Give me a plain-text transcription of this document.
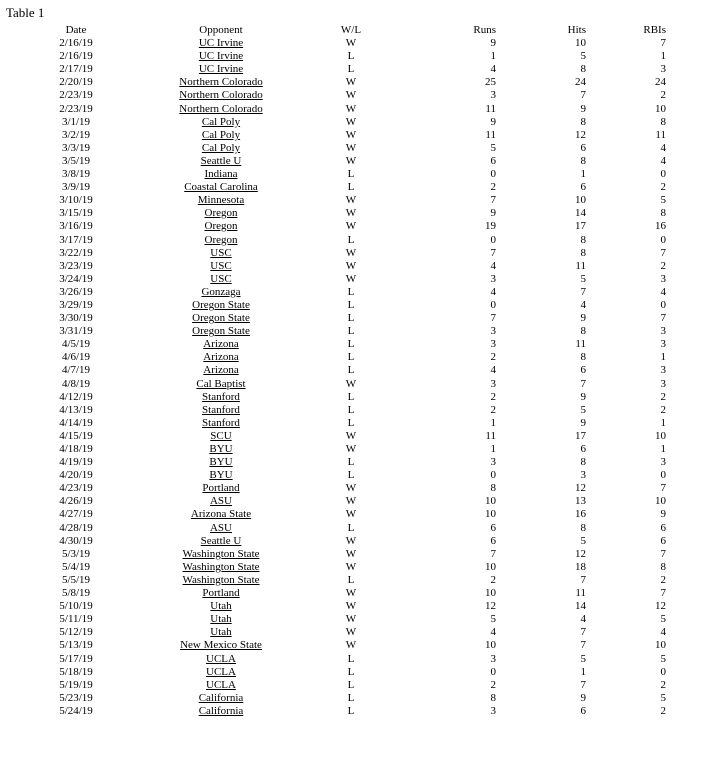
Table 1
Date	Opponent	W/L	Runs	Hits	RBIs
2/16/19	UC Irvine	W	9	10	7
2/16/19	UC Irvine	L	1	5	1
2/17/19	UC Irvine	L	4	8	3
2/20/19	Northern Colorado	W	25	24	24
2/23/19	Northern Colorado	W	3	7	2
2/23/19	Northern Colorado	W	11	9	10
3/1/19	Cal Poly	W	9	8	8
3/2/19	Cal Poly	W	11	12	11
3/3/19	Cal Poly	W	5	6	4
3/5/19	Seattle U	W	6	8	4
3/8/19	Indiana	L	0	1	0
3/9/19	Coastal Carolina	L	2	6	2
3/10/19	Minnesota	W	7	10	5
3/15/19	Oregon	W	9	14	8
3/16/19	Oregon	W	19	17	16
3/17/19	Oregon	L	0	8	0
3/22/19	USC	W	7	8	7
3/23/19	USC	W	4	11	2
3/24/19	USC	W	3	5	3
3/26/19	Gonzaga	L	4	7	4
3/29/19	Oregon State	L	0	4	0
3/30/19	Oregon State	L	7	9	7
3/31/19	Oregon State	L	3	8	3
4/5/19	Arizona	L	3	11	3
4/6/19	Arizona	L	2	8	1
4/7/19	Arizona	L	4	6	3
4/8/19	Cal Baptist	W	3	7	3
4/12/19	Stanford	L	2	9	2
4/13/19	Stanford	L	2	5	2
4/14/19	Stanford	L	1	9	1
4/15/19	SCU	W	11	17	10
4/18/19	BYU	W	1	6	1
4/19/19	BYU	L	3	8	3
4/20/19	BYU	L	0	3	0
4/23/19	Portland	W	8	12	7
4/26/19	ASU	W	10	13	10
4/27/19	Arizona State	W	10	16	9
4/28/19	ASU	L	6	8	6
4/30/19	Seattle U	W	6	5	6
5/3/19	Washington State	W	7	12	7
5/4/19	Washington State	W	10	18	8
5/5/19	Washington State	L	2	7	2
5/8/19	Portland	W	10	11	7
5/10/19	Utah	W	12	14	12
5/11/19	Utah	W	5	4	5
5/12/19	Utah	W	4	7	4
5/13/19	New Mexico State	W	10	7	10
5/17/19	UCLA	L	3	5	5
5/18/19	UCLA	L	0	1	0
5/19/19	UCLA	L	2	7	2
5/23/19	California	L	8	9	5
5/24/19	California	L	3	6	2
